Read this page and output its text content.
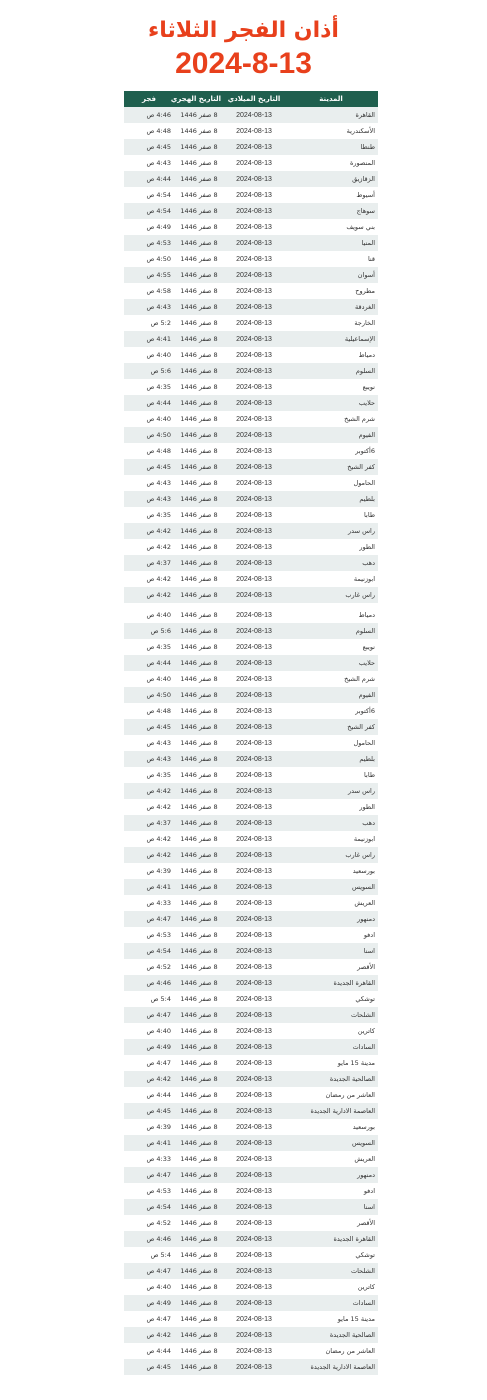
أذان الفجر الثلاثاء
2024-8-13
المدينة	التاريخ الميلادي	التاريخ الهجري	فجر
القاهرة	2024-08-13	8 صفر 1446	4:46 ص
الأسكندرية	2024-08-13	8 صفر 1446	4:48 ص
طنطا	2024-08-13	8 صفر 1446	4:45 ص
المنصورة	2024-08-13	8 صفر 1446	4:43 ص
الزقازيق	2024-08-13	8 صفر 1446	4:44 ص
أسيوط	2024-08-13	8 صفر 1446	4:54 ص
سوهاج	2024-08-13	8 صفر 1446	4:54 ص
بني سويف	2024-08-13	8 صفر 1446	4:49 ص
المنيا	2024-08-13	8 صفر 1446	4:53 ص
قنا	2024-08-13	8 صفر 1446	4:50 ص
أسوان	2024-08-13	8 صفر 1446	4:55 ص
مطروح	2024-08-13	8 صفر 1446	4:58 ص
الغردقة	2024-08-13	8 صفر 1446	4:43 ص
الخارجة	2024-08-13	8 صفر 1446	5:2 ص
الإسماعيلية	2024-08-13	8 صفر 1446	4:41 ص
دمياط	2024-08-13	8 صفر 1446	4:40 ص
السلوم	2024-08-13	8 صفر 1446	5:6 ص
نويبع	2024-08-13	8 صفر 1446	4:35 ص
حلايب	2024-08-13	8 صفر 1446	4:44 ص
شرم الشيخ	2024-08-13	8 صفر 1446	4:40 ص
الفيوم	2024-08-13	8 صفر 1446	4:50 ص
6أكتوبر	2024-08-13	8 صفر 1446	4:48 ص
كفر الشيخ	2024-08-13	8 صفر 1446	4:45 ص
الحامول	2024-08-13	8 صفر 1446	4:43 ص
بلطيم	2024-08-13	8 صفر 1446	4:43 ص
طابا	2024-08-13	8 صفر 1446	4:35 ص
راس سدر	2024-08-13	8 صفر 1446	4:42 ص
الطور	2024-08-13	8 صفر 1446	4:42 ص
دهب	2024-08-13	8 صفر 1446	4:37 ص
ابوزنيمة	2024-08-13	8 صفر 1446	4:42 ص
راس غارب	2024-08-13	8 صفر 1446	4:42 ص
دمياط	2024-08-13	8 صفر 1446	4:40 ص
السلوم	2024-08-13	8 صفر 1446	5:6 ص
نويبع	2024-08-13	8 صفر 1446	4:35 ص
حلايب	2024-08-13	8 صفر 1446	4:44 ص
شرم الشيخ	2024-08-13	8 صفر 1446	4:40 ص
الفيوم	2024-08-13	8 صفر 1446	4:50 ص
6أكتوبر	2024-08-13	8 صفر 1446	4:48 ص
كفر الشيخ	2024-08-13	8 صفر 1446	4:45 ص
الحامول	2024-08-13	8 صفر 1446	4:43 ص
بلطيم	2024-08-13	8 صفر 1446	4:43 ص
طابا	2024-08-13	8 صفر 1446	4:35 ص
راس سدر	2024-08-13	8 صفر 1446	4:42 ص
الطور	2024-08-13	8 صفر 1446	4:42 ص
دهب	2024-08-13	8 صفر 1446	4:37 ص
ابوزنيمة	2024-08-13	8 صفر 1446	4:42 ص
راس غارب	2024-08-13	8 صفر 1446	4:42 ص
بورسعيد	2024-08-13	8 صفر 1446	4:39 ص
السويس	2024-08-13	8 صفر 1446	4:41 ص
العريش	2024-08-13	8 صفر 1446	4:33 ص
دمنهور	2024-08-13	8 صفر 1446	4:47 ص
ادفو	2024-08-13	8 صفر 1446	4:53 ص
اسنا	2024-08-13	8 صفر 1446	4:54 ص
الأقصر	2024-08-13	8 صفر 1446	4:52 ص
القاهرة الجديدة	2024-08-13	8 صفر 1446	4:46 ص
توشكي	2024-08-13	8 صفر 1446	5:4 ص
الشلحات	2024-08-13	8 صفر 1446	4:47 ص
كاترين	2024-08-13	8 صفر 1446	4:40 ص
السادات	2024-08-13	8 صفر 1446	4:49 ص
مدينة 15 مايو	2024-08-13	8 صفر 1446	4:47 ص
الصالحية الجديدة	2024-08-13	8 صفر 1446	4:42 ص
العاشر من رمضان	2024-08-13	8 صفر 1446	4:44 ص
العاصمة الادارية الجديدة	2024-08-13	8 صفر 1446	4:45 ص
بورسعيد	2024-08-13	8 صفر 1446	4:39 ص
السويس	2024-08-13	8 صفر 1446	4:41 ص
العريش	2024-08-13	8 صفر 1446	4:33 ص
دمنهور	2024-08-13	8 صفر 1446	4:47 ص
ادفو	2024-08-13	8 صفر 1446	4:53 ص
اسنا	2024-08-13	8 صفر 1446	4:54 ص
الأقصر	2024-08-13	8 صفر 1446	4:52 ص
القاهرة الجديدة	2024-08-13	8 صفر 1446	4:46 ص
توشكي	2024-08-13	8 صفر 1446	5:4 ص
الشلحات	2024-08-13	8 صفر 1446	4:47 ص
كاترين	2024-08-13	8 صفر 1446	4:40 ص
السادات	2024-08-13	8 صفر 1446	4:49 ص
مدينة 15 مايو	2024-08-13	8 صفر 1446	4:47 ص
الصالحية الجديدة	2024-08-13	8 صفر 1446	4:42 ص
العاشر من رمضان	2024-08-13	8 صفر 1446	4:44 ص
العاصمة الادارية الجديدة	2024-08-13	8 صفر 1446	4:45 ص
